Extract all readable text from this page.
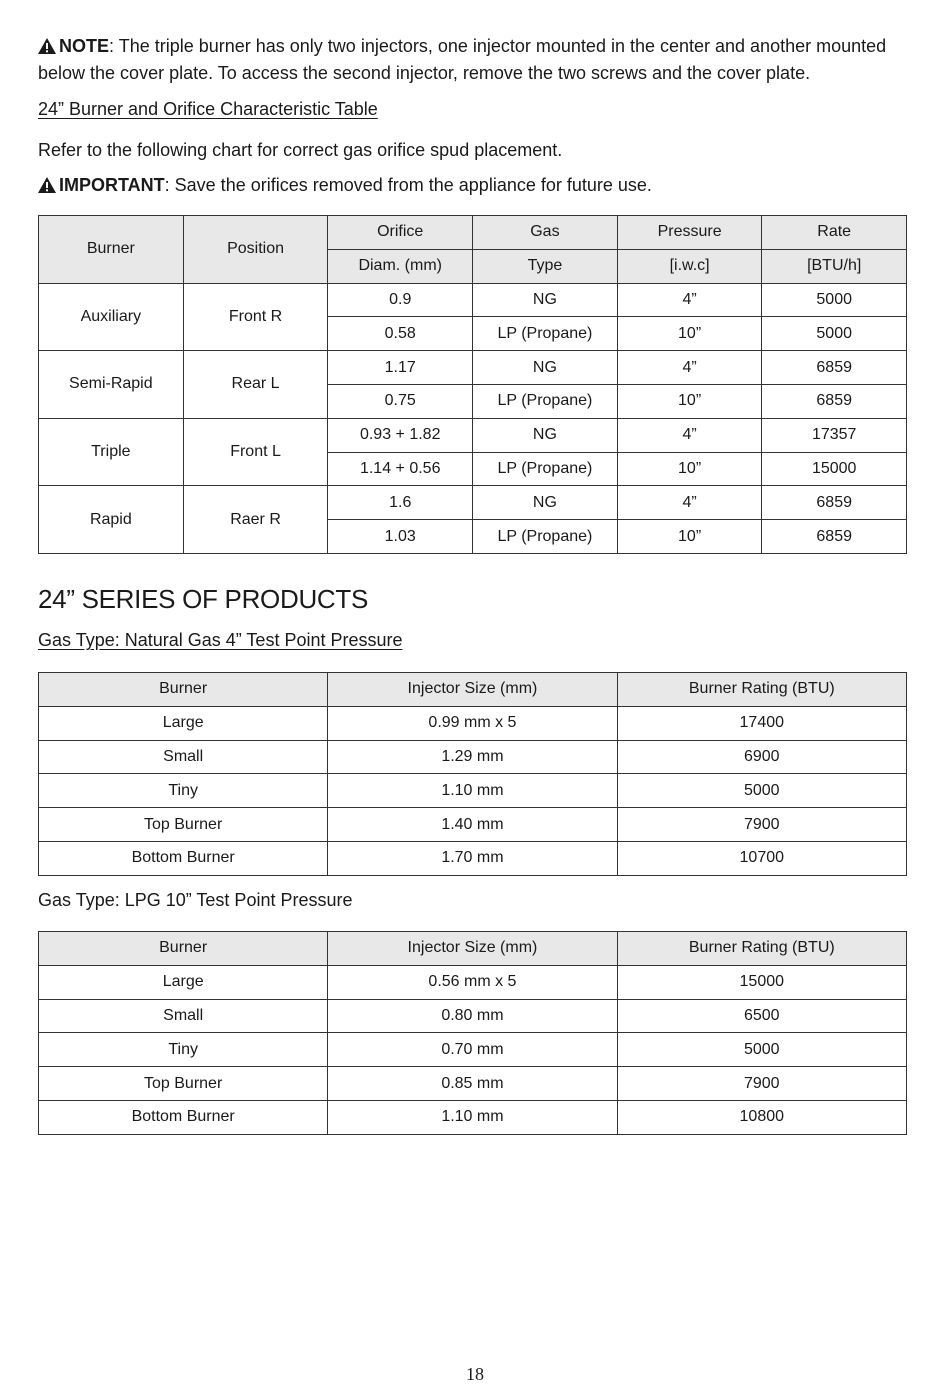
NOTE: The triple burner has only two injectors, one injector mounted in the center and another mounted below the cover plate. To access the second injector, remove the two screws and the cover plate.

24” Burner and Orifice Characteristic Table
Refer to the following chart for correct gas orifice spud placement.
IMPORTANT: Save the orifices removed from the appliance for future use.
Burner	Position	Orifice	Gas	Pressure	Rate
		Diam. (mm)	Type	[i.w.c]	[BTU/h]
Auxiliary	Front R	0.9	NG	4”	5000
		0.58	LP (Propane)	10”	5000
Semi-Rapid	Rear L	1.17	NG	4”	6859
		0.75	LP (Propane)	10”	6859
Triple	Front L	0.93 + 1.82	NG	4”	17357
		1.14 + 0.56	LP (Propane)	10”	15000
Rapid	Raer R	1.6	NG	4”	6859
		1.03	LP (Propane)	10”	6859
24” SERIES OF PRODUCTS
Gas Type: Natural Gas 4” Test Point Pressure
Burner	Injector Size (mm)	Burner Rating (BTU)
Large	0.99 mm x 5	17400
Small	1.29 mm	6900
Tiny	1.10 mm	5000
Top Burner	1.40 mm	7900
Bottom Burner	1.70 mm	10700
Gas Type: LPG 10” Test Point Pressure
Burner	Injector Size (mm)	Burner Rating (BTU)
Large	0.56 mm x 5	15000
Small	0.80 mm	6500
Tiny	0.70 mm	5000
Top Burner	0.85 mm	7900
Bottom Burner	1.10 mm	10800
18
